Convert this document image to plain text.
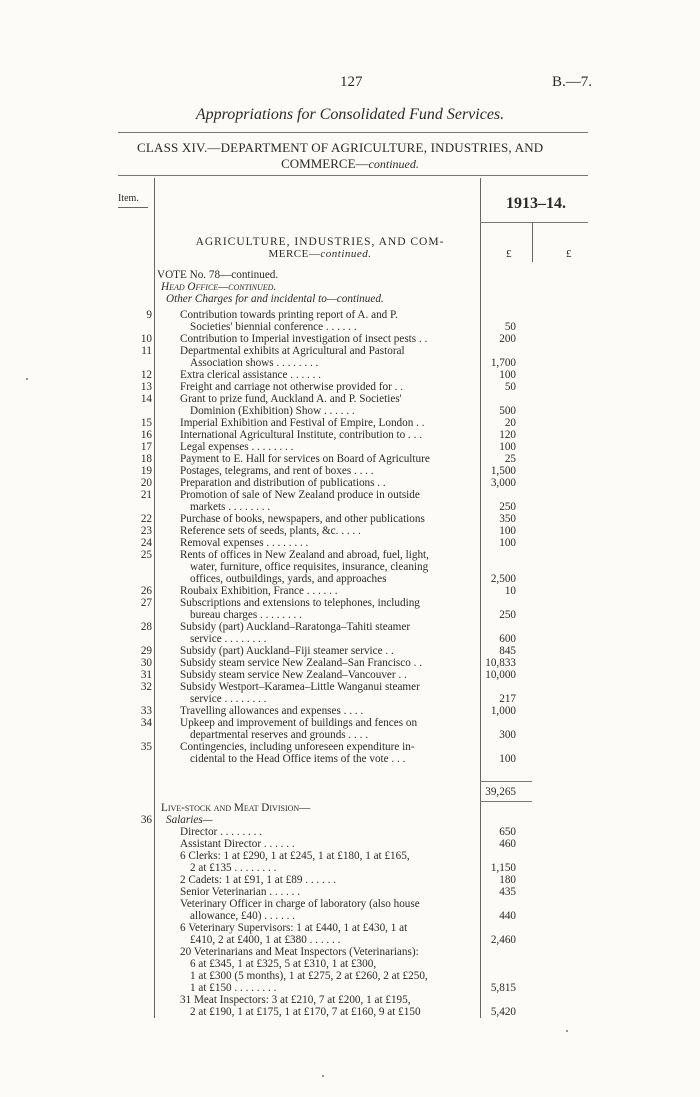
127	B.—7.
Appropriations for Consolidated Fund Services.
CLASS XIV.—DEPARTMENT OF AGRICULTURE, INDUSTRIES, AND
COMMERCE—continued.
Item.	1913–14.
£	£
AGRICULTURE, INDUSTRIES, AND COM-
MERCE—continued.
VOTE No. 78—continued.
Head Office—continued.
Other Charges for and incidental to—continued.
9	Contribution towards printing report of A. and P.
Societies' biennial conference . . . . . .	50
10	Contribution to Imperial investigation of insect pests . .	200
11	Departmental exhibits at Agricultural and Pastoral
Association shows . . . . . . . .	1,700
12	Extra clerical assistance . . . . . .	100
13	Freight and carriage not otherwise provided for . .	50
14	Grant to prize fund, Auckland A. and P. Societies'
Dominion (Exhibition) Show . . . . . .	500
15	Imperial Exhibition and Festival of Empire, London . .	20
16	International Agricultural Institute, contribution to . . .	120
17	Legal expenses . . . . . . . .	100
18	Payment to E. Hall for services on Board of Agriculture	25
19	Postages, telegrams, and rent of boxes . . . .	1,500
20	Preparation and distribution of publications . .	3,000
21	Promotion of sale of New Zealand produce in outside
markets . . . . . . . .	250
22	Purchase of books, newspapers, and other publications	350
23	Reference sets of seeds, plants, &c. . . . .	100
24	Removal expenses . . . . . . . .	100
25	Rents of offices in New Zealand and abroad, fuel, light,
water, furniture, office requisites, insurance, cleaning
offices, outbuildings, yards, and approaches	2,500
26	Roubaix Exhibition, France . . . . . .	10
27	Subscriptions and extensions to telephones, including
bureau charges . . . . . . . .	250
28	Subsidy (part) Auckland–Raratonga–Tahiti steamer
service . . . . . . . .	600
29	Subsidy (part) Auckland–Fiji steamer service . .	845
30	Subsidy steam service New Zealand–San Francisco . .	10,833
31	Subsidy steam service New Zealand–Vancouver . .	10,000
32	Subsidy Westport–Karamea–Little Wanganui steamer
service . . . . . . . .	217
33	Travelling allowances and expenses . . . .	1,000
34	Upkeep and improvement of buildings and fences on
departmental reserves and grounds . . . .	300
35	Contingencies, including unforeseen expenditure in-
cidental to the Head Office items of the vote . . .	100
39,265
Live-stock and Meat Division—
36 Salaries—
Director . . . . . . . .	650
Assistant Director . . . . . .	460
6 Clerks: 1 at £290, 1 at £245, 1 at £180, 1 at £165,
2 at £135 . . . . . . . .	1,150
2 Cadets: 1 at £91, 1 at £89 . . . . . .	180
Senior Veterinarian . . . . . .	435
Veterinary Officer in charge of laboratory (also house
allowance, £40) . . . . . .	440
6 Veterinary Supervisors: 1 at £440, 1 at £430, 1 at
£410, 2 at £400, 1 at £380 . . . . . .	2,460
20 Veterinarians and Meat Inspectors (Veterinarians):
6 at £345, 1 at £325, 5 at £310, 1 at £300,
1 at £300 (5 months), 1 at £275, 2 at £260, 2 at £250,
1 at £150 . . . . . . . .	5,815
31 Meat Inspectors: 3 at £210, 7 at £200, 1 at £195,
2 at £190, 1 at £175, 1 at £170, 7 at £160, 9 at £150	5,420
